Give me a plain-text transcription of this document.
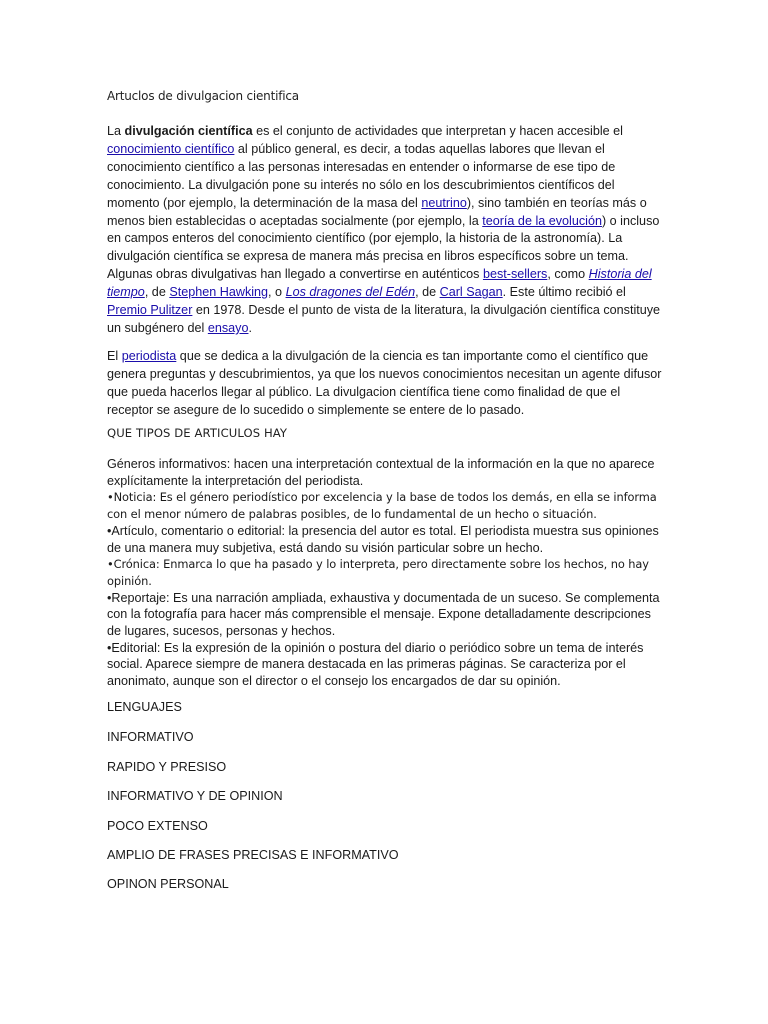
Artuclos de divulgacion cientifica

La divulgación científica es el conjunto de actividades que interpretan y hacen accesible el conocimiento científico al público general, es decir, a todas aquellas labores que llevan el conocimiento científico a las personas interesadas en entender o informarse de ese tipo de conocimiento. La divulgación pone su interés no sólo en los descubrimientos científicos del momento (por ejemplo, la determinación de la masa del neutrino), sino también en teorías más o menos bien establecidas o aceptadas socialmente (por ejemplo, la teoría de la evolución) o incluso en campos enteros del conocimiento científico (por ejemplo, la historia de la astronomía). La divulgación científica se expresa de manera más precisa en libros específicos sobre un tema. Algunas obras divulgativas han llegado a convertirse en auténticos best-sellers, como Historia del tiempo, de Stephen Hawking, o Los dragones del Edén, de Carl Sagan. Este último recibió el Premio Pulitzer en 1978. Desde el punto de vista de la literatura, la divulgación científica constituye un subgénero del ensayo.

El periodista que se dedica a la divulgación de la ciencia es tan importante como el científico que genera preguntas y descubrimientos, ya que los nuevos conocimientos necesitan un agente difusor que pueda hacerlos llegar al público. La divulgacion científica tiene como finalidad de que el receptor se asegure de lo sucedido o simplemente se entere de lo pasado.

QUE TIPOS DE ARTICULOS HAY
Géneros informativos: hacen una interpretación contextual de la información en la que no aparece explícitamente la interpretación del periodista.
•Noticia: Es el género periodístico por excelencia y la base de todos los demás, en ella se informa con el menor número de palabras posibles, de lo fundamental de un hecho o situación.
•Artículo, comentario o editorial: la presencia del autor es total. El periodista muestra sus opiniones de una manera muy subjetiva, está dando su visión particular sobre un hecho.
•Crónica: Enmarca lo que ha pasado y lo interpreta, pero directamente sobre los hechos, no hay opinión.
•Reportaje: Es una narración ampliada, exhaustiva y documentada de un suceso. Se complementa con la fotografía para hacer más comprensible el mensaje. Expone detalladamente descripciones de lugares, sucesos, personas y hechos.
•Editorial: Es la expresión de la opinión o postura del diario o periódico sobre un tema de interés social. Aparece siempre de manera destacada en las primeras páginas. Se caracteriza por el anonimato, aunque son el director o el consejo los encargados de dar su opinión.
LENGUAJES
INFORMATIVO
RAPIDO Y PRESISO
INFORMATIVO Y DE OPINION
POCO EXTENSO
AMPLIO DE FRASES PRECISAS E INFORMATIVO
OPINON PERSONAL
